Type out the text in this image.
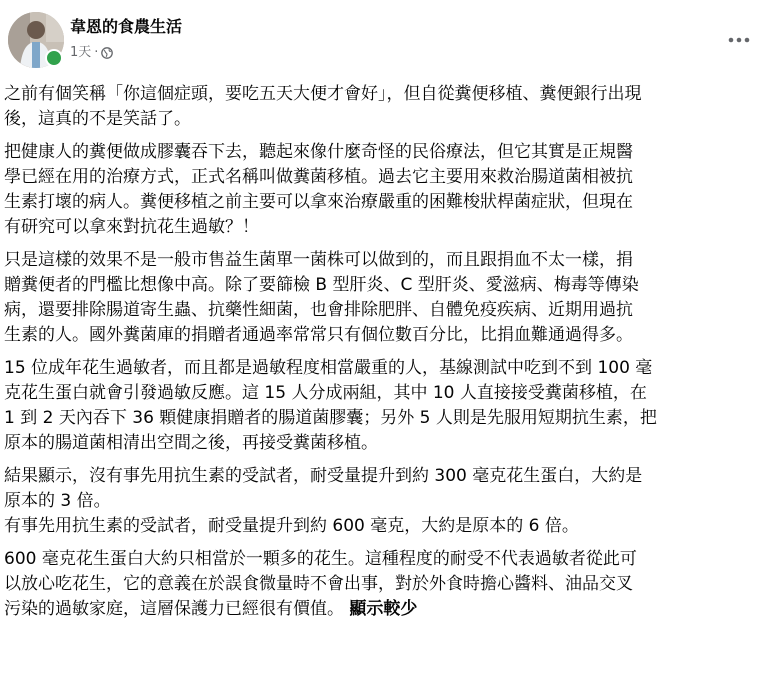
韋恩的食農生活
1天 ·
之前有個笑稱「你這個症頭，要吃五天大便才會好」，但自從糞便移植、糞便銀行出現
後，這真的不是笑話了。
把健康人的糞便做成膠囊吞下去，聽起來像什麼奇怪的民俗療法，但它其實是正規醫
學已經在用的治療方式，正式名稱叫做糞菌移植。過去它主要用來救治腸道菌相被抗
生素打壞的病人。糞便移植之前主要可以拿來治療嚴重的困難梭狀桿菌症狀，但現在
有研究可以拿來對抗花生過敏？！
只是這樣的效果不是一般市售益生菌單一菌株可以做到的，而且跟捐血不太一樣，捐
贈糞便者的門檻比想像中高。除了要篩檢 B 型肝炎、C 型肝炎、愛滋病、梅毒等傳染
病，還要排除腸道寄生蟲、抗藥性細菌，也會排除肥胖、自體免疫疾病、近期用過抗
生素的人。國外糞菌庫的捐贈者通過率常常只有個位數百分比，比捐血難通過得多。
15 位成年花生過敏者，而且都是過敏程度相當嚴重的人，基線測試中吃到不到 100 毫
克花生蛋白就會引發過敏反應。這 15 人分成兩組，其中 10 人直接接受糞菌移植，在
1 到 2 天內吞下 36 顆健康捐贈者的腸道菌膠囊；另外 5 人則是先服用短期抗生素，把
原本的腸道菌相清出空間之後，再接受糞菌移植。
結果顯示，沒有事先用抗生素的受試者，耐受量提升到約 300 毫克花生蛋白，大約是
原本的 3 倍。
有事先用抗生素的受試者，耐受量提升到約 600 毫克，大約是原本的 6 倍。
600 毫克花生蛋白大約只相當於一顆多的花生。這種程度的耐受不代表過敏者從此可
以放心吃花生，它的意義在於誤食微量時不會出事，對於外食時擔心醬料、油品交叉
污染的過敏家庭，這層保護力已經很有價值。 顯示較少
